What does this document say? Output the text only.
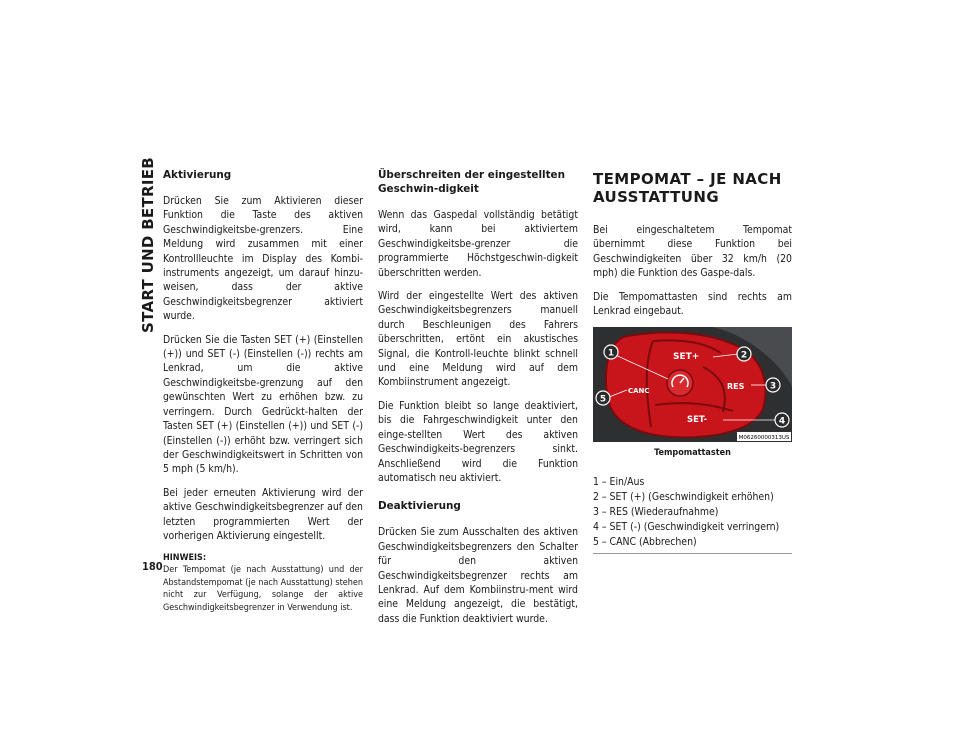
START UND BETRIEB
180
Aktivierung

Drücken Sie zum Aktivieren dieser Funktion die Taste des aktiven Geschwindigkeitsbe-grenzers. Eine Meldung wird zusammen mit einer Kontrollleuchte im Display des Kombi-instruments angezeigt, um darauf hinzu-weisen, dass der aktive Geschwindigkeitsbegrenzer aktiviert wurde.

Drücken Sie die Tasten SET (+) (Einstellen (+)) und SET (-) (Einstellen (-)) rechts am Lenkrad, um die aktive Geschwindigkeitsbe-grenzung auf den gewünschten Wert zu erhöhen bzw. zu verringern. Durch Gedrückt-halten der Tasten SET (+) (Einstellen (+)) und SET (-) (Einstellen (-)) erhöht bzw. verringert sich der Geschwindigkeitswert in Schritten von 5 mph (5 km/h).

Bei jeder erneuten Aktivierung wird der aktive Geschwindigkeitsbegrenzer auf den letzten programmierten Wert der vorherigen Aktivierung eingestellt.

HINWEIS:

Der Tempomat (je nach Ausstattung) und der Abstandstempomat (je nach Ausstattung) stehen nicht zur Verfügung, solange der aktive Geschwindigkeitsbegrenzer in Verwendung ist.

Überschreiten der eingestellten Geschwin-digkeit

Wenn das Gaspedal vollständig betätigt wird, kann bei aktiviertem Geschwindigkeitsbe-grenzer die programmierte Höchstgeschwin-digkeit überschritten werden.

Wird der eingestellte Wert des aktiven Geschwindigkeitsbegrenzers manuell durch Beschleunigen des Fahrers überschritten, ertönt ein akustisches Signal, die Kontroll-leuchte blinkt schnell und eine Meldung wird auf dem Kombiinstrument angezeigt.

Die Funktion bleibt so lange deaktiviert, bis die Fahrgeschwindigkeit unter den einge-stellten Wert des aktiven Geschwindigkeits-begrenzers sinkt. Anschließend wird die Funktion automatisch neu aktiviert.

Deaktivierung

Drücken Sie zum Ausschalten des aktiven Geschwindigkeitsbegrenzers den Schalter für den aktiven Geschwindigkeitsbegrenzer rechts am Lenkrad. Auf dem Kombiinstru-ment wird eine Meldung angezeigt, die bestätigt, dass die Funktion deaktiviert wurde.

TEMPOMAT – JE NACH AUSSTATTUNG

Bei eingeschaltetem Tempomat übernimmt diese Funktion bei Geschwindigkeiten über 32 km/h (20 mph) die Funktion des Gaspe-dals.

Die Tempomattasten sind rechts am Lenkrad eingebaut.

SET+
RES
SET-
CANC
1	2
3
4
5
M06260000313US
Tempomattasten
1 – Ein/Aus
2 – SET (+) (Geschwindigkeit erhöhen)
3 – RES (Wiederaufnahme)
4 – SET (-) (Geschwindigkeit verringern)
5 – CANC (Abbrechen)
